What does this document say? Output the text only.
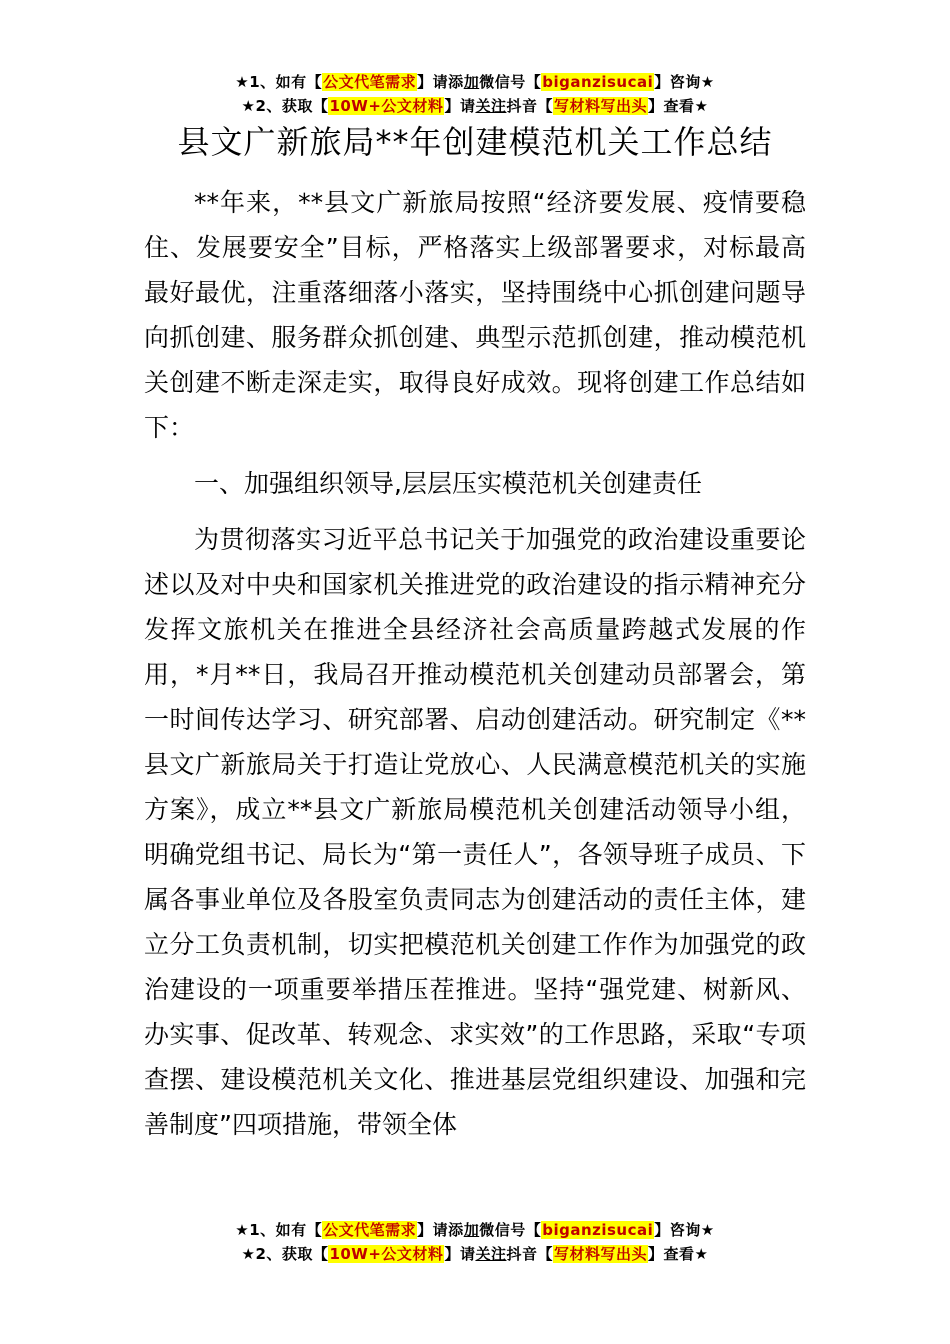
★1、如有【公文代笔需求】请添加微信号【biganzisucai】咨询★
★2、获取【10W+公文材料】请关注抖音【写材料写出头】查看★
县文广新旅局**年创建模范机关工作总结

**年来，**县文广新旅局按照“经济要发展、疫情要稳住、发展要安全”目标，严格落实上级部署要求，对标最高最好最优，注重落细落小落实，坚持围绕中心抓创建问题导向抓创建、服务群众抓创建、典型示范抓创建，推动模范机关创建不断走深走实，取得良好成效。现将创建工作总结如下：

一、加强组织领导,层层压实模范机关创建责任

为贯彻落实习近平总书记关于加强党的政治建设重要论述以及对中央和国家机关推进党的政治建设的指示精神充分发挥文旅机关在推进全县经济社会高质量跨越式发展的作用，*月**日，我局召开推动模范机关创建动员部署会，第一时间传达学习、研究部署、启动创建活动。研究制定《**县文广新旅局关于打造让党放心、人民满意模范机关的实施方案》，成立**县文广新旅局模范机关创建活动领导小组，明确党组书记、局长为“第一责任人”，各领导班子成员、下属各事业单位及各股室负责同志为创建活动的责任主体，建立分工负责机制，切实把模范机关创建工作作为加强党的政治建设的一项重要举措压茬推进。坚持“强党建、树新风、办实事、促改革、转观念、求实效”的工作思路，采取“专项查摆、建设模范机关文化、推进基层党组织建设、加强和完善制度”四项措施，带领全体

★1、如有【公文代笔需求】请添加微信号【biganzisucai】咨询★
★2、获取【10W+公文材料】请关注抖音【写材料写出头】查看★
